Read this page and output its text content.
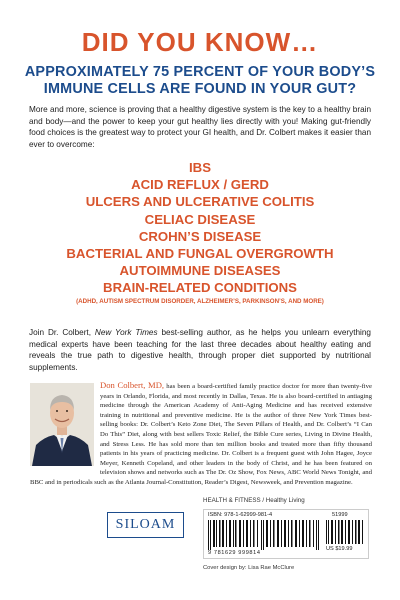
DID YOU KNOW…
APPROXIMATELY 75 PERCENT OF YOUR BODY’S IMMUNE CELLS ARE FOUND IN YOUR GUT?

More and more, science is proving that a healthy digestive system is the key to a healthy brain and body—and the power to keep your gut healthy lies directly with you! Making gut-friendly food choices is the greatest way to protect your GI health, and Dr. Colbert makes it easier than ever to overcome:

IBS
ACID REFLUX / GERD
ULCERS AND ULCERATIVE COLITIS
CELIAC DISEASE
CROHN’S DISEASE
BACTERIAL AND FUNGAL OVERGROWTH
AUTOIMMUNE DISEASES
BRAIN-RELATED CONDITIONS
(ADHD, AUTISM SPECTRUM DISORDER, ALZHEIMER’S, PARKINSON’S, AND MORE)

Join Dr. Colbert, New York Times best-selling author, as he helps you unlearn everything medical experts have been teaching for the last three decades about healthy eating and reveals the true path to digestive health, through proper diet supported by nutritional supplements.

Don Colbert, MD, has been a board-certified family practice doctor for more than twenty-five years in Orlando, Florida, and most recently in Dallas, Texas. He is also board-certified in antiaging medicine through the American Academy of Anti-Aging Medicine and has received extensive training in nutritional and preventive medicine. He is the author of three New York Times best-selling books: Dr. Colbert’s Keto Zone Diet, The Seven Pillars of Health, and Dr. Colbert’s “I Can Do This” Diet, along with best sellers Toxic Relief, the Bible Cure series, Living in Divine Health, and Stress Less. He has sold more than ten million books and treated more than fifty thousand patients in his years of practicing medicine. Dr. Colbert is a frequent guest with John Hagee, Joyce Meyer, Kenneth Copeland, and other leaders in the body of Christ, and he has been featured on television shows and networks such as The Dr. Oz Show, Fox News, ABC World News Tonight, and BBC and in periodicals such as the Atlanta Journal-Constitution, Reader’s Digest, Newsweek, and Prevention magazine.
SILOAM
HEALTH & FITNESS / Healthy Living
ISBN: 978-1-62999-981-4	51999
9 781629 999814
US $19.99
Cover design by: Lisa Rae McClure
